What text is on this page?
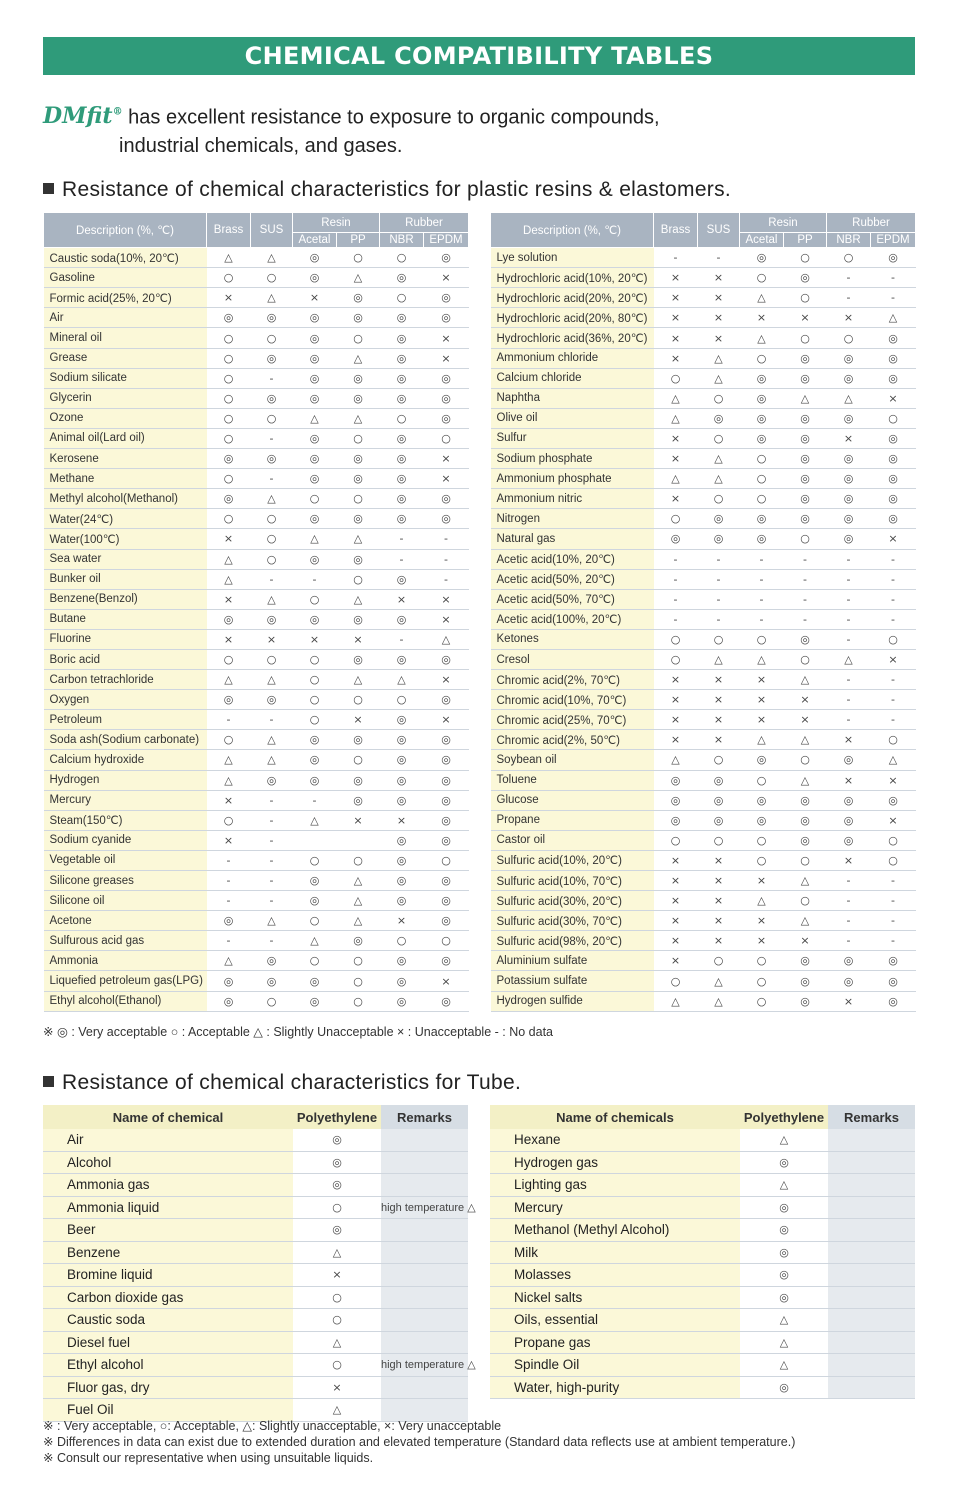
CHEMICAL COMPATIBILITY TABLES
DMfit® has excellent resistance to exposure to organic compounds,
industrial chemicals, and gases.
Resistance of chemical characteristics for plastic resins & elastomers.
Description (%, ℃)	Brass	SUS	Resin		Rubber	
			Acetal	PP	NBR	EPDM
Caustic soda(10%, 20℃)	△	△	◎	○	○	◎
Gasoline	○	○	◎	△	◎	×
Formic acid(25%, 20℃)	×	△	×	◎	○	◎
Air	◎	◎	◎	◎	◎	◎
Mineral oil	○	○	◎	○	◎	×
Grease	○	◎	◎	△	◎	×
Sodium silicate	○	-	◎	◎	◎	◎
Glycerin	○	◎	◎	◎	◎	◎
Ozone	○	○	△	△	○	◎
Animal oil(Lard oil)	○	-	◎	○	◎	○
Kerosene	◎	◎	◎	◎	◎	×
Methane	○	-	◎	◎	◎	×
Methyl alcohol(Methanol)	◎	△	○	○	◎	◎
Water(24℃)	○	○	◎	◎	◎	◎
Water(100℃)	×	○	△	△	-	-
Sea water	△	○	◎	◎	-	-
Bunker oil	△	-	-	○	◎	-
Benzene(Benzol)	×	△	○	△	×	×
Butane	◎	◎	◎	◎	◎	×
Fluorine	×	×	×	×	-	△
Boric acid	○	○	○	◎	◎	◎
Carbon tetrachloride	△	△	○	△	△	×
Oxygen	◎	◎	○	○	○	◎
Petroleum	-	-	○	×	◎	×
Soda ash(Sodium carbonate)	○	△	◎	◎	◎	◎
Calcium hydroxide	△	△	◎	○	◎	◎
Hydrogen	△	◎	◎	◎	◎	◎
Mercury	×	-	-	◎	◎	◎
Steam(150℃)	○	-	△	×	×	◎
Sodium cyanide	×	-			◎	◎
Vegetable oil	-	-	○	○	◎	○
Silicone greases	-	-	◎	△	◎	◎
Silicone oil	-	-	◎	△	◎	◎
Acetone	◎	△	○	△	×	◎
Sulfurous acid gas	-	-	△	◎	○	○
Ammonia	△	◎	○	○	◎	◎
Liquefied petroleum gas(LPG)	◎	◎	◎	○	◎	×
Ethyl alcohol(Ethanol)	◎	○	◎	○	◎	◎
Description (%, ℃)	Brass	SUS	Resin		Rubber	
			Acetal	PP	NBR	EPDM
Lye solution	-	-	◎	○	○	◎
Hydrochloric acid(10%, 20℃)	×	×	○	◎	-	-
Hydrochloric acid(20%, 20℃)	×	×	△	○	-	-
Hydrochloric acid(20%, 80℃)	×	×	×	×	×	△
Hydrochloric acid(36%, 20℃)	×	×	△	○	○	◎
Ammonium chloride	×	△	○	◎	◎	◎
Calcium chloride	○	△	◎	◎	◎	◎
Naphtha	△	○	◎	△	△	×
Olive oil	△	◎	◎	◎	◎	○
Sulfur	×	○	◎	◎	×	◎
Sodium phosphate	×	△	○	◎	◎	◎
Ammonium phosphate	△	△	○	◎	◎	◎
Ammonium nitric	×	○	○	◎	◎	◎
Nitrogen	○	◎	◎	◎	◎	◎
Natural gas	◎	◎	◎	○	◎	×
Acetic acid(10%, 20℃)	-	-	-	-	-	-
Acetic acid(50%, 20℃)	-	-	-	-	-	-
Acetic acid(50%, 70℃)	-	-	-	-	-	-
Acetic acid(100%, 20℃)	-	-	-	-	-	-
Ketones	○	○	○	◎	-	○
Cresol	○	△	△	○	△	×
Chromic acid(2%, 70℃)	×	×	×	△	-	-
Chromic acid(10%, 70℃)	×	×	×	×	-	-
Chromic acid(25%, 70℃)	×	×	×	×	-	-
Chromic acid(2%, 50℃)	×	×	△	△	×	○
Soybean oil	△	○	◎	○	◎	△
Toluene	◎	◎	○	△	×	×
Glucose	◎	◎	◎	◎	◎	◎
Propane	◎	◎	◎	◎	◎	×
Castor oil	○	○	○	◎	◎	○
Sulfuric acid(10%, 20℃)	×	×	○	○	×	○
Sulfuric acid(10%, 70℃)	×	×	×	△	-	-
Sulfuric acid(30%, 20℃)	×	×	△	○	-	-
Sulfuric acid(30%, 70℃)	×	×	×	△	-	-
Sulfuric acid(98%, 20℃)	×	×	×	×	-	-
Aluminium sulfate	×	○	○	◎	◎	◎
Potassium sulfate	○	△	○	◎	◎	◎
Hydrogen sulfide	△	△	○	◎	×	◎
※ ◎ : Very acceptable ○ : Acceptable △ : Slightly Unacceptable × : Unacceptable - : No data
Resistance of chemical characteristics for Tube.
Name of chemical	Polyethylene	Remarks
Air	◎	
Alcohol	◎	
Ammonia gas	◎	
Ammonia liquid	○	high temperature △
Beer	◎	
Benzene	△	
Bromine liquid	×	
Carbon dioxide gas	○	
Caustic soda	○	
Diesel fuel	△	
Ethyl alcohol	○	high temperature △
Fluor gas, dry	×	
Fuel Oil	△	
Name of chemicals	Polyethylene	Remarks
Hexane	△	
Hydrogen gas	◎	
Lighting gas	△	
Mercury	◎	
Methanol (Methyl Alcohol)	◎	
Milk	◎	
Molasses	◎	
Nickel salts	◎	
Oils, essential	△	
Propane gas	△	
Spindle Oil	△	
Water, high-purity	◎	
※ : Very acceptable, ○: Acceptable, △: Slightly unacceptable, ×: Very unacceptable
※ Differences in data can exist due to extended duration and elevated temperature (Standard data reflects use at ambient temperature.)
※ Consult our representative when using unsuitable liquids.
